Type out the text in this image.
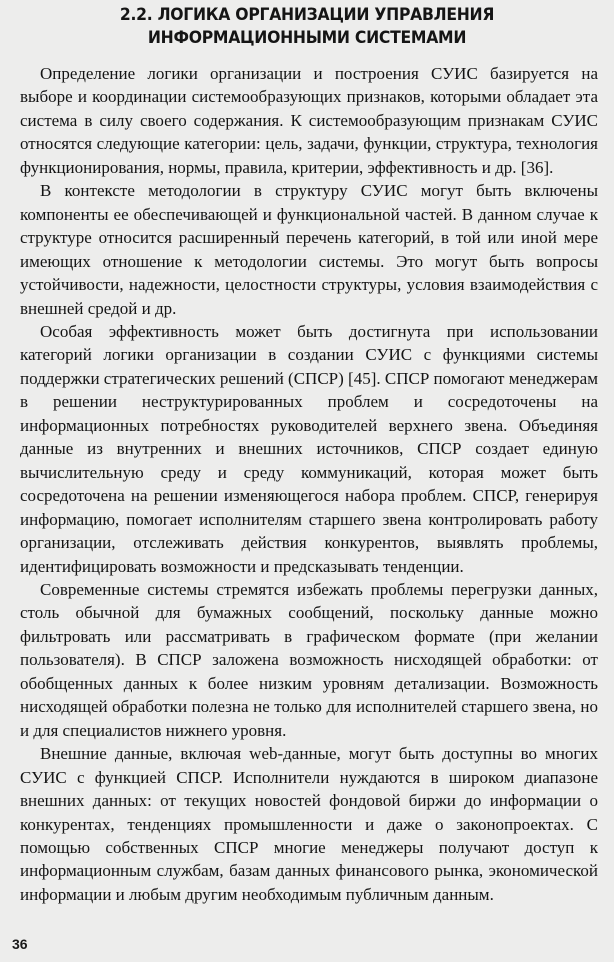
2.2. ЛОГИКА ОРГАНИЗАЦИИ УПРАВЛЕНИЯ
ИНФОРМАЦИОННЫМИ СИСТЕМАМИ

Определение логики организации и построения СУИС базируется на выборе и координации системообразующих признаков, которыми обладает эта система в силу своего содержания. К системообразующим признакам СУИС относятся следующие категории: цель, задачи, функции, структура, технология функционирования, нормы, правила, критерии, эффективность и др. [36].

В контексте методологии в структуру СУИС могут быть включены компоненты ее обеспечивающей и функциональной частей. В данном случае к структуре относится расширенный перечень категорий, в той или иной мере имеющих отношение к методологии системы. Это могут быть вопросы устойчивости, надежности, целостности структуры, условия взаимодействия с внешней средой и др.

Особая эффективность может быть достигнута при использовании категорий логики организации в создании СУИС с функциями системы поддержки стратегических решений (СПСР) [45]. СПСР помогают менеджерам в решении неструктурированных проблем и сосредоточены на информационных потребностях руководителей верхнего звена. Объединяя данные из внутренних и внешних источников, СПСР создает единую вычислительную среду и среду коммуникаций, которая может быть сосредоточена на решении изменяющегося набора проблем. СПСР, генерируя информацию, помогает исполнителям старшего звена контролировать работу организации, отслеживать действия конкурентов, выявлять проблемы, идентифицировать возможности и предсказывать тенденции.

Современные системы стремятся избежать проблемы перегрузки данных, столь обычной для бумажных сообщений, поскольку данные можно фильтровать или рассматривать в графическом формате (при желании пользователя). В СПСР заложена возможность нисходящей обработки: от обобщенных данных к более низким уровням детализации. Возможность нисходящей обработки полезна не только для исполнителей старшего звена, но и для специалистов нижнего уровня.

Внешние данные, включая web-данные, могут быть доступны во многих СУИС с функцией СПСР. Исполнители нуждаются в широком диапазоне внешних данных: от текущих новостей фондовой биржи до информации о конкурентах, тенденциях промышленности и даже о законопроектах. С помощью собственных СПСР многие менеджеры получают доступ к информационным службам, базам данных финансового рынка, экономической информации и любым другим необходимым публичным данным.

36
